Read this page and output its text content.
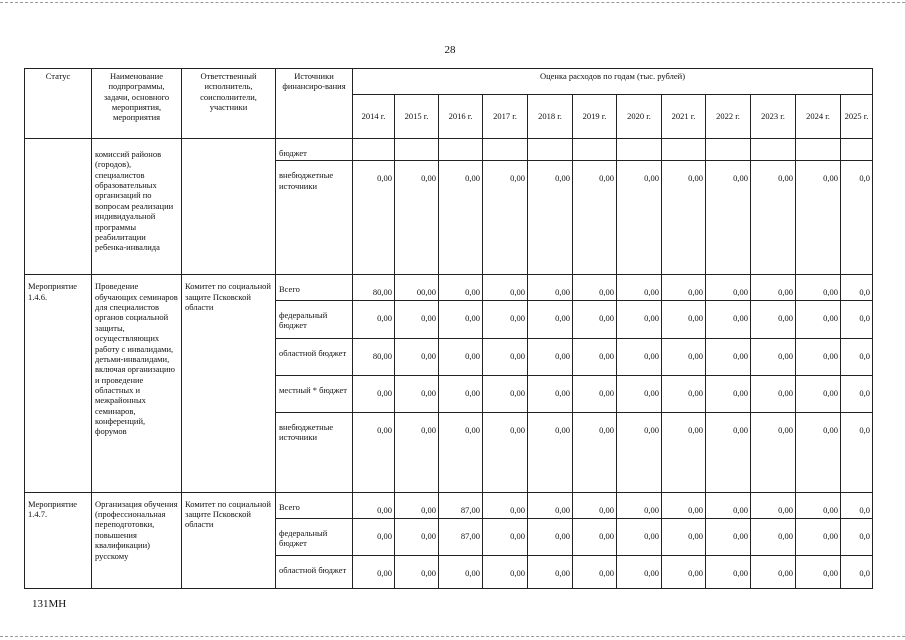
28
Статус	Наименование подпрограммы, задачи, основного мероприятия, мероприятия	Ответственный исполнитель, соисполнители, участники	Источники финансиро-вания	Оценка расходов по годам (тыс. рублей)											
				2014 г.	2015 г.	2016 г.	2017 г.	2018 г.	2019 г.	2020 г.	2021 г.	2022 г.	2023 г.	2024 г.	2025 г.
	комиссий районов (городов), специалистов образовательных организаций по вопросам реализации индивидуальной программы реабилитации ребенка-инвалида		бюджет												
			внебюджетные источники	0,00	0,00	0,00	0,00	0,00	0,00	0,00	0,00	0,00	0,00	0,00	0,0
Мероприятие 1.4.6.	Проведение обучающих семинаров для специалистов органов социальной защиты, осуществляющих работу с инвалидами, детьми-инвалидами, включая организацию и проведение областных и межрайонных семинаров, конференций, форумов	Комитет по социальной защите Псковской области	Всего	80,00	00,00	0,00	0,00	0,00	0,00	0,00	0,00	0,00	0,00	0,00	0,0
			федеральный бюджет	0,00	0,00	0,00	0,00	0,00	0,00	0,00	0,00	0,00	0,00	0,00	0,0
			областной бюджет	80,00	0,00	0,00	0,00	0,00	0,00	0,00	0,00	0,00	0,00	0,00	0,0
			местный * бюджет	0,00	0,00	0,00	0,00	0,00	0,00	0,00	0,00	0,00	0,00	0,00	0,0
			внебюджетные источники	0,00	0,00	0,00	0,00	0,00	0,00	0,00	0,00	0,00	0,00	0,00	0,0
Мероприятие 1.4.7.	Организация обучения (профессиональная переподготовки, повышения квалификации) русскому	Комитет по социальной защите Псковской области	Всего	0,00	0,00	87,00	0,00	0,00	0,00	0,00	0,00	0,00	0,00	0,00	0,0
			федеральный бюджет	0,00	0,00	87,00	0,00	0,00	0,00	0,00	0,00	0,00	0,00	0,00	0,0
			областной бюджет	0,00	0,00	0,00	0,00	0,00	0,00	0,00	0,00	0,00	0,00	0,00	0,0
131МН
